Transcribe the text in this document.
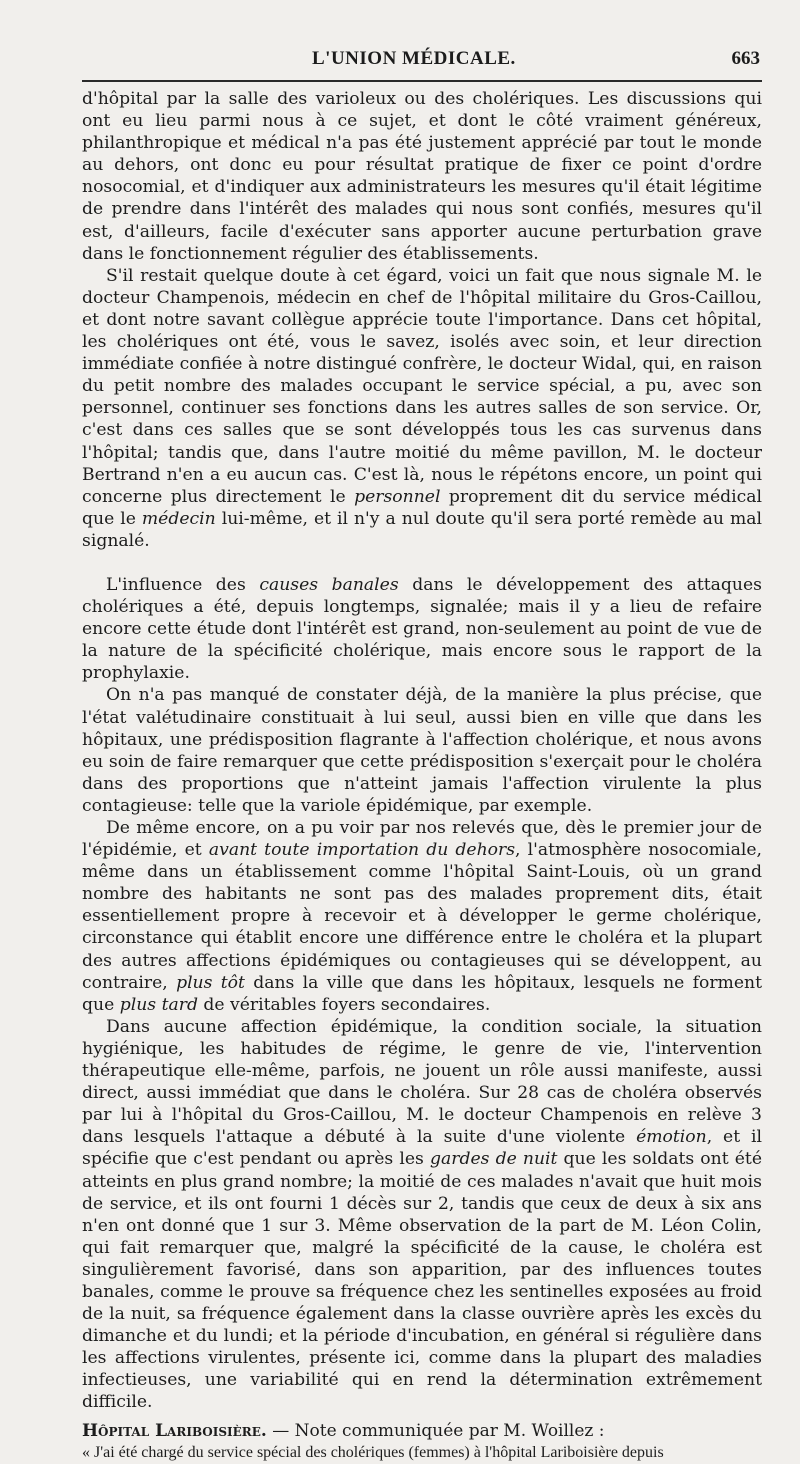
L'UNION MÉDICALE.	663

d'hôpital par la salle des varioleux ou des cholériques. Les discussions qui ont eu lieu parmi nous à ce sujet, et dont le côté vraiment généreux, philanthropique et médical n'a pas été justement apprécié par tout le monde au dehors, ont donc eu pour résultat pratique de fixer ce point d'ordre nosocomial, et d'indiquer aux administrateurs les mesures qu'il était légitime de prendre dans l'intérêt des malades qui nous sont confiés, mesures qu'il est, d'ailleurs, facile d'exécuter sans apporter aucune perturbation grave dans le fonctionnement régulier des établissements.

S'il restait quelque doute à cet égard, voici un fait que nous signale M. le docteur Champenois, médecin en chef de l'hôpital militaire du Gros-Caillou, et dont notre savant collègue apprécie toute l'importance. Dans cet hôpital, les cholériques ont été, vous le savez, isolés avec soin, et leur direction immédiate confiée à notre distingué confrère, le docteur Widal, qui, en raison du petit nombre des malades occupant le service spécial, a pu, avec son personnel, continuer ses fonctions dans les autres salles de son service. Or, c'est dans ces salles que se sont développés tous les cas survenus dans l'hôpital; tandis que, dans l'autre moitié du même pavillon, M. le docteur Bertrand n'en a eu aucun cas. C'est là, nous le répétons encore, un point qui concerne plus directement le personnel proprement dit du service médical que le médecin lui-même, et il n'y a nul doute qu'il sera porté remède au mal signalé.

L'influence des causes banales dans le développement des attaques cholériques a été, depuis longtemps, signalée; mais il y a lieu de refaire encore cette étude dont l'intérêt est grand, non-seulement au point de vue de la nature de la spécificité cholérique, mais encore sous le rapport de la prophylaxie.

On n'a pas manqué de constater déjà, de la manière la plus précise, que l'état valétudinaire constituait à lui seul, aussi bien en ville que dans les hôpitaux, une prédisposition flagrante à l'affection cholérique, et nous avons eu soin de faire remarquer que cette prédisposition s'exerçait pour le choléra dans des proportions que n'atteint jamais l'affection virulente la plus contagieuse: telle que la variole épidémique, par exemple.

De même encore, on a pu voir par nos relevés que, dès le premier jour de l'épidémie, et avant toute importation du dehors, l'atmosphère nosocomiale, même dans un établissement comme l'hôpital Saint-Louis, où un grand nombre des habitants ne sont pas des malades proprement dits, était essentiellement propre à recevoir et à développer le germe cholérique, circonstance qui établit encore une différence entre le choléra et la plupart des autres affections épidémiques ou contagieuses qui se développent, au contraire, plus tôt dans la ville que dans les hôpitaux, lesquels ne forment que plus tard de véritables foyers secondaires.

Dans aucune affection épidémique, la condition sociale, la situation hygiénique, les habitudes de régime, le genre de vie, l'intervention thérapeutique elle-même, parfois, ne jouent un rôle aussi manifeste, aussi direct, aussi immédiat que dans le choléra. Sur 28 cas de choléra observés par lui à l'hôpital du Gros-Caillou, M. le docteur Champenois en relève 3 dans lesquels l'attaque a débuté à la suite d'une violente émotion, et il spécifie que c'est pendant ou après les gardes de nuit que les soldats ont été atteints en plus grand nombre; la moitié de ces malades n'avait que huit mois de service, et ils ont fourni 1 décès sur 2, tandis que ceux de deux à six ans n'en ont donné que 1 sur 3. Même observation de la part de M. Léon Colin, qui fait remarquer que, malgré la spécificité de la cause, le choléra est singulièrement favorisé, dans son apparition, par des influences toutes banales, comme le prouve sa fréquence chez les sentinelles exposées au froid de la nuit, sa fréquence également dans la classe ouvrière après les excès du dimanche et du lundi; et la période d'incubation, en général si régulière dans les affections virulentes, présente ici, comme dans la plupart des maladies infectieuses, une variabilité qui en rend la détermination extrêmement difficile.

Hôpital Lariboisière. — Note communiquée par M. Woillez :

« J'ai été chargé du service spécial des cholériques (femmes) à l'hôpital Lariboisière depuis
